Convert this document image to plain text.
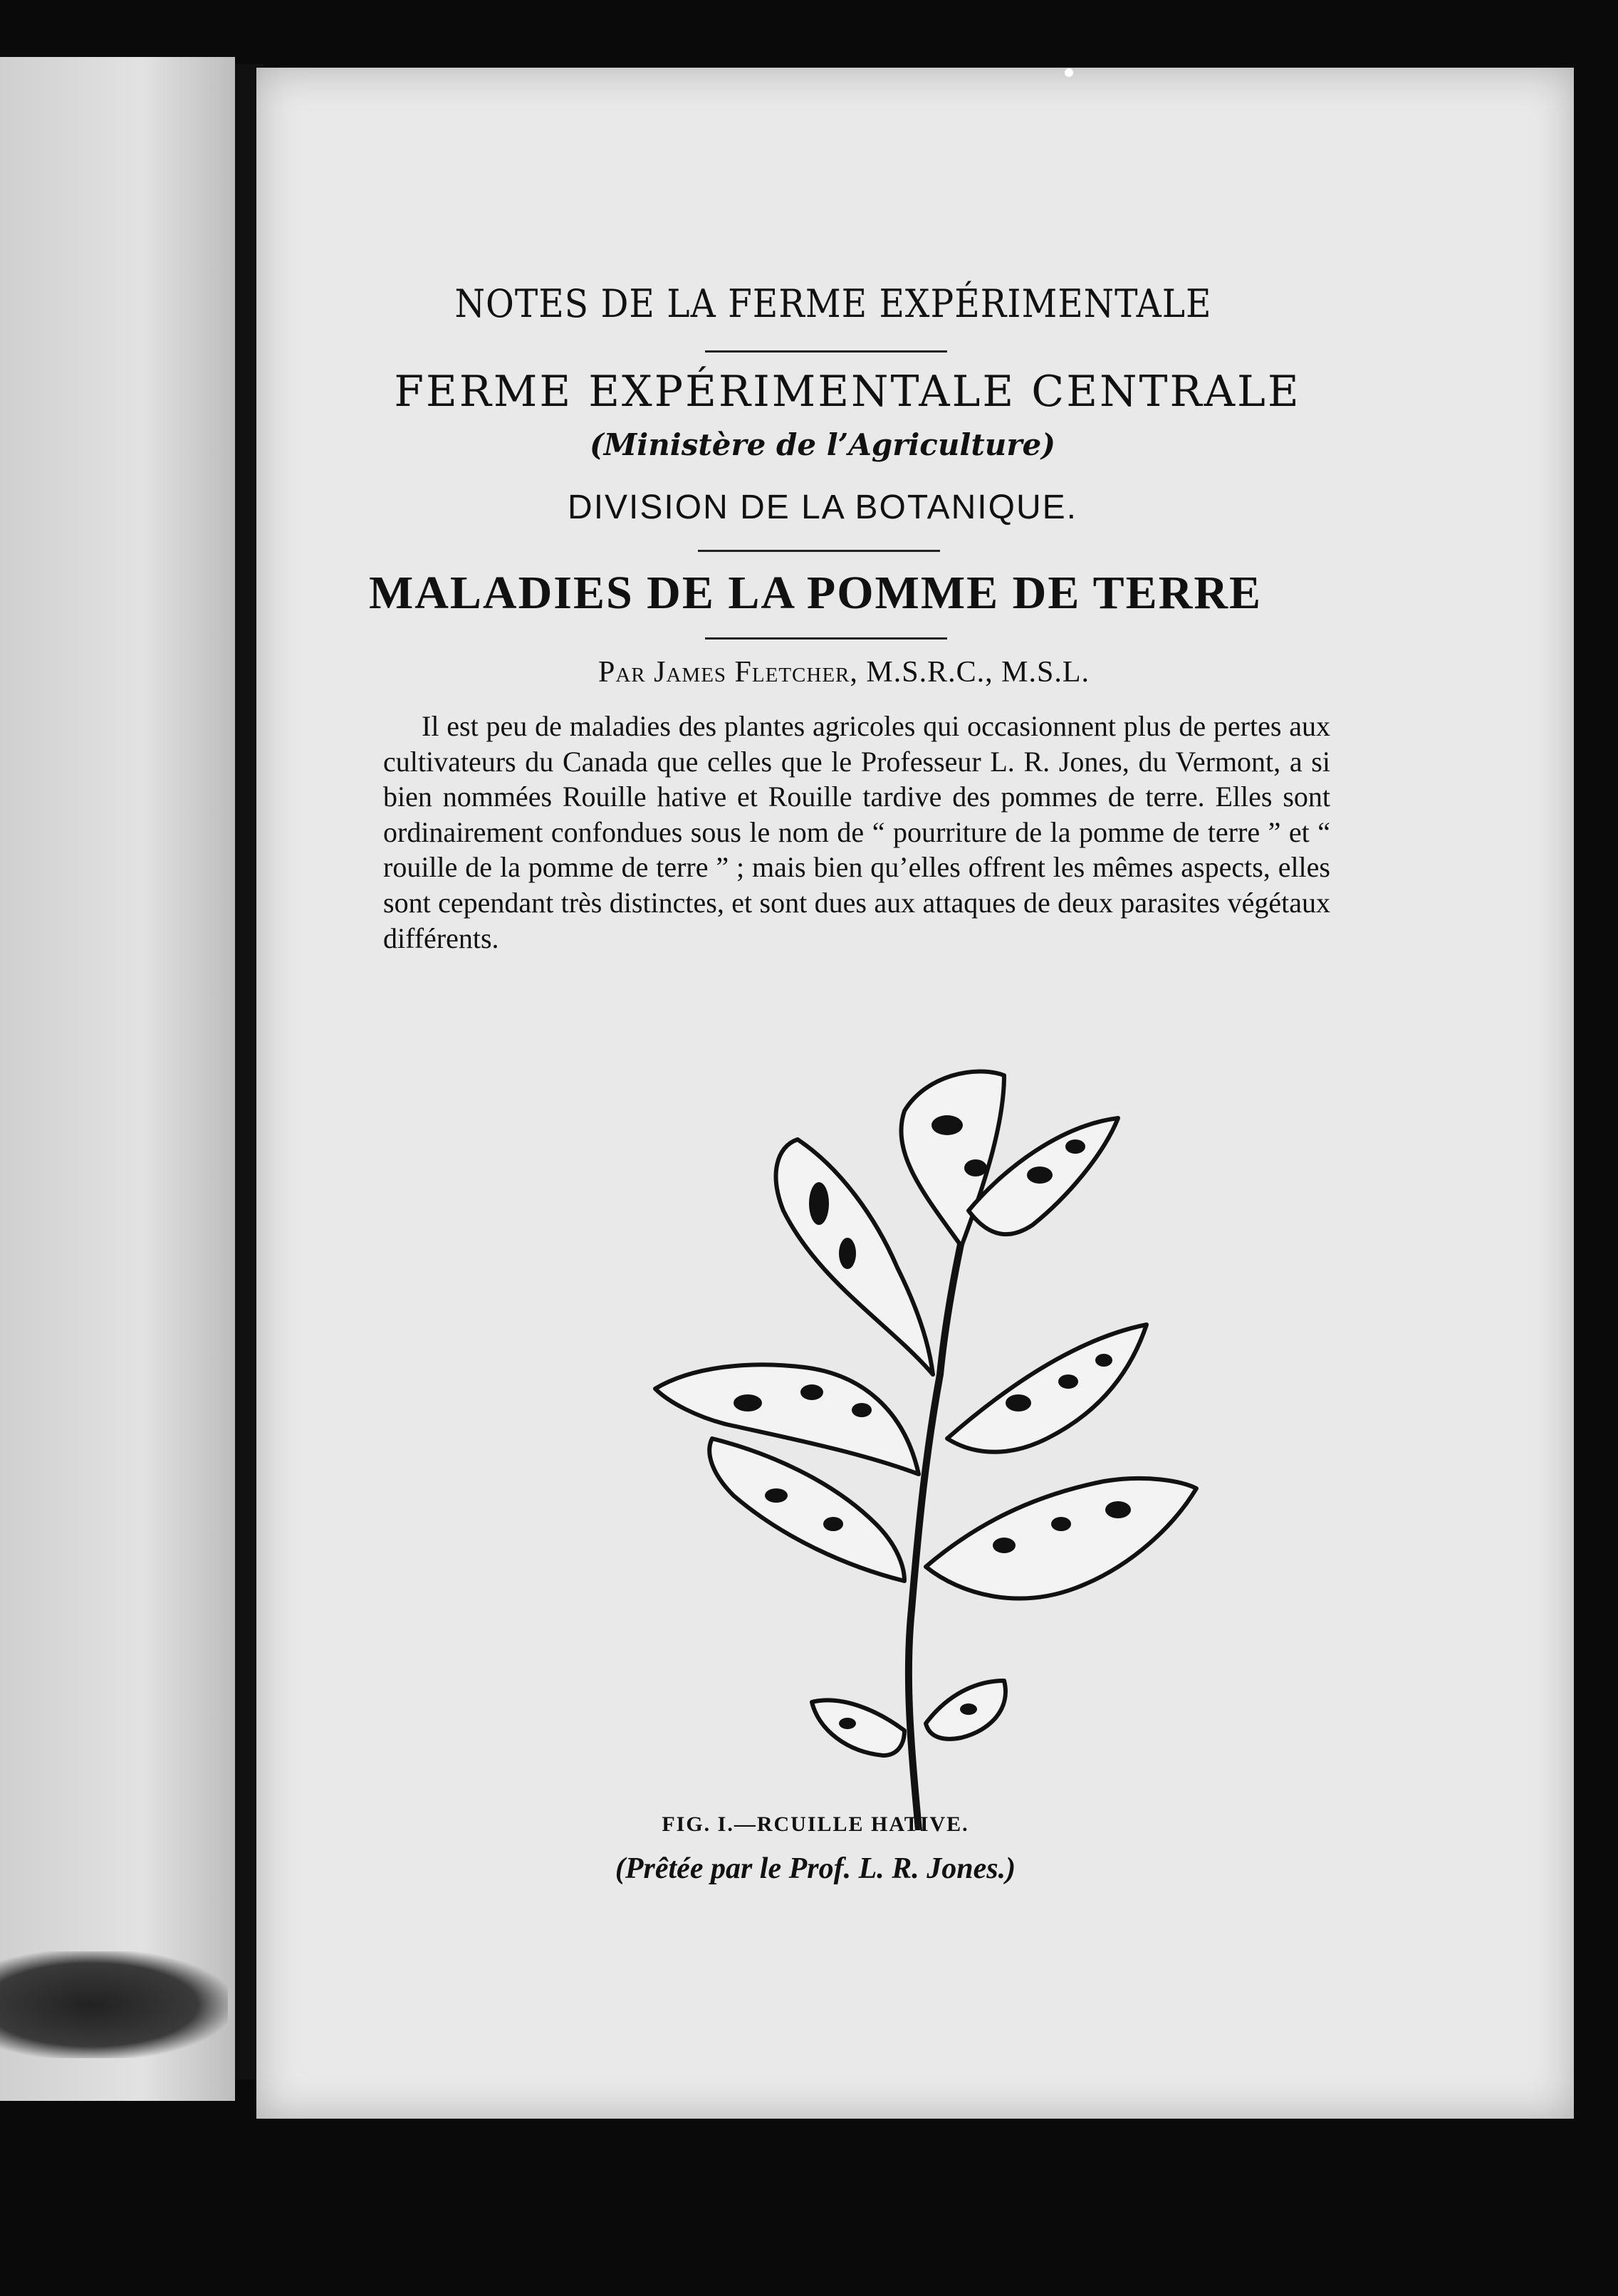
NOTES DE LA FERME EXPÉRIMENTALE
FERME EXPÉRIMENTALE CENTRALE
(Ministère de l’Agriculture)
DIVISION DE LA BOTANIQUE.
MALADIES DE LA POMME DE TERRE
Par James Fletcher, M.S.R.C., M.S.L.
Il est peu de maladies des plantes agricoles qui occasionnent plus de pertes aux cultivateurs du Canada que celles que le Professeur L. R. Jones, du Vermont, a si bien nommées Rouille hative et Rouille tardive des pommes de terre. Elles sont ordinairement confondues sous le nom de “ pourriture de la pomme de terre ” et “ rouille de la pomme de terre ” ; mais bien qu’elles offrent les mêmes aspects, elles sont cependant très distinctes, et sont dues aux attaques de deux parasites végétaux différents.
FIG. I.—RCUILLE HATIVE.
(Prêtée par le Prof. L. R. Jones.)
